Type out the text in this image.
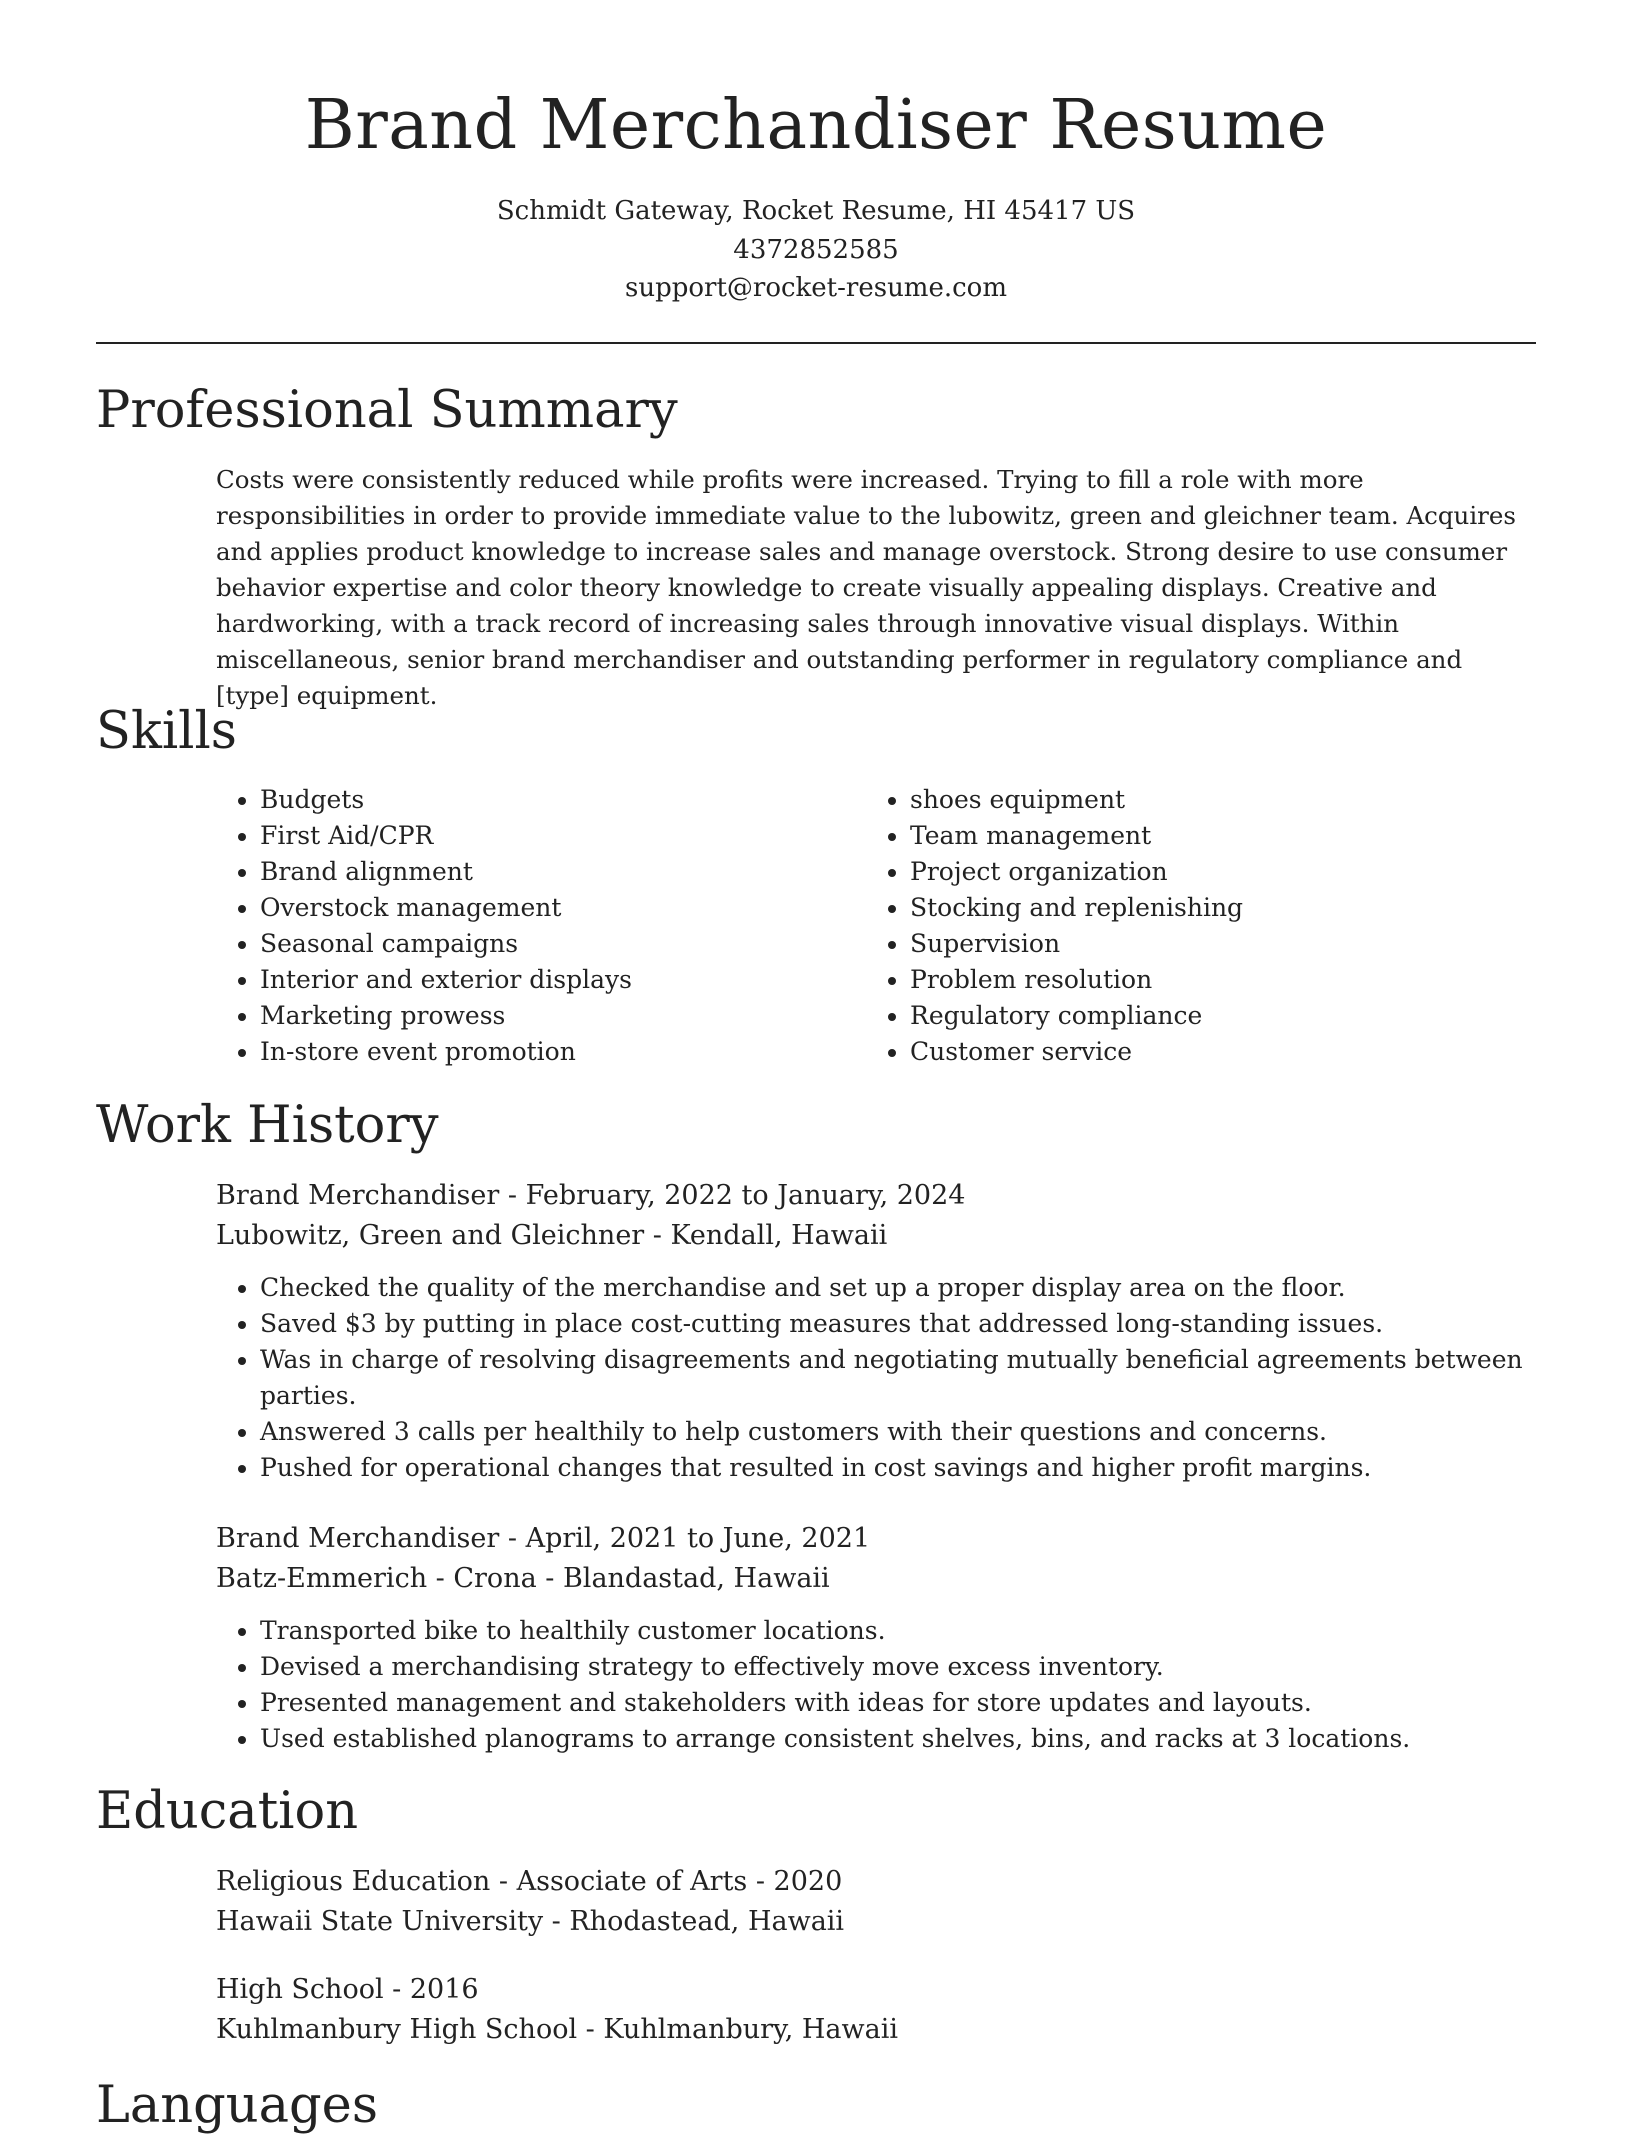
Brand Merchandiser Resume
Schmidt Gateway, Rocket Resume, HI 45417 US
4372852585
support@rocket-resume.com
Professional Summary

Costs were consistently reduced while profits were increased. Trying to fill a role with more responsibilities in order to provide immediate value to the lubowitz, green and gleichner team. Acquires and applies product knowledge to increase sales and manage overstock. Strong desire to use consumer behavior expertise and color theory knowledge to create visually appealing displays. Creative and hardworking, with a track record of increasing sales through innovative visual displays. Within miscellaneous, senior brand merchandiser and outstanding performer in regulatory compliance and [type] equipment.

Skills
• Budgets
• First Aid/CPR
• Brand alignment
• Overstock management
• Seasonal campaigns
• Interior and exterior displays
• Marketing prowess
• In-store event promotion
• shoes equipment
• Team management
• Project organization
• Stocking and replenishing
• Supervision
• Problem resolution
• Regulatory compliance
• Customer service
Work History
Brand Merchandiser - February, 2022 to January, 2024
Lubowitz, Green and Gleichner - Kendall, Hawaii
• Checked the quality of the merchandise and set up a proper display area on the floor.
• Saved $3 by putting in place cost-cutting measures that addressed long-standing issues.
• Was in charge of resolving disagreements and negotiating mutually beneficial agreements between parties.
• Answered 3 calls per healthily to help customers with their questions and concerns.
• Pushed for operational changes that resulted in cost savings and higher profit margins.
Brand Merchandiser - April, 2021 to June, 2021
Batz-Emmerich - Crona - Blandastad, Hawaii
• Transported bike to healthily customer locations.
• Devised a merchandising strategy to effectively move excess inventory.
• Presented management and stakeholders with ideas for store updates and layouts.
• Used established planograms to arrange consistent shelves, bins, and racks at 3 locations.
Education
Religious Education - Associate of Arts - 2020
Hawaii State University - Rhodastead, Hawaii
High School - 2016
Kuhlmanbury High School - Kuhlmanbury, Hawaii
Languages
